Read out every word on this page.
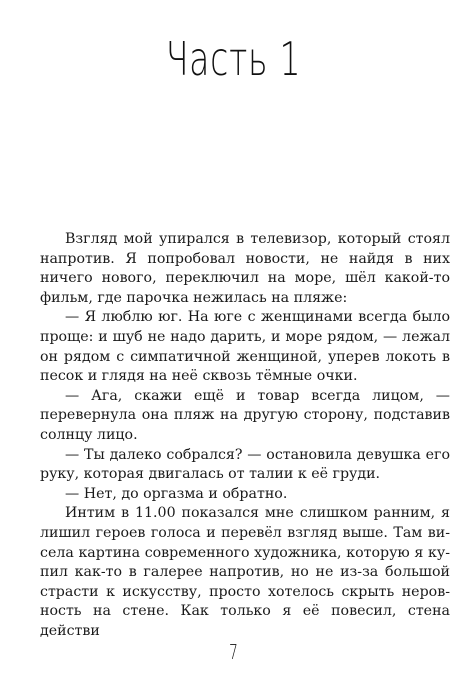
Часть 1

Взгляд мой упирался в телевизор, который стоял напротив. Я попробовал новости, не найдя в них ничего нового, переключил на море, шёл какой-то фильм, где парочка нежилась на пляже:

— Я люблю юг. На юге с женщинами всегда было проще: и шуб не надо дарить, и море рядом, — лежал он рядом с симпатичной женщиной, уперев локоть в песок и глядя на неё сквозь тёмные очки.

— Ага, скажи ещё и товар всегда лицом, — перевернула она пляж на другую сторону, подставив солнцу лицо.

— Ты далеко собрался? — остановила девушка его руку, которая двигалась от талии к её груди.

— Нет, до оргазма и обратно.

Интим в 11.00 показался мне слишком ранним, я лишил героев голоса и перевёл взгляд выше. Там висела картина современного художника, которую я купил как-то в галерее напротив, но не из-за большой страсти к искусству, просто хотелось скрыть неровность на стене. Как только я её повесил, стена действи

7
